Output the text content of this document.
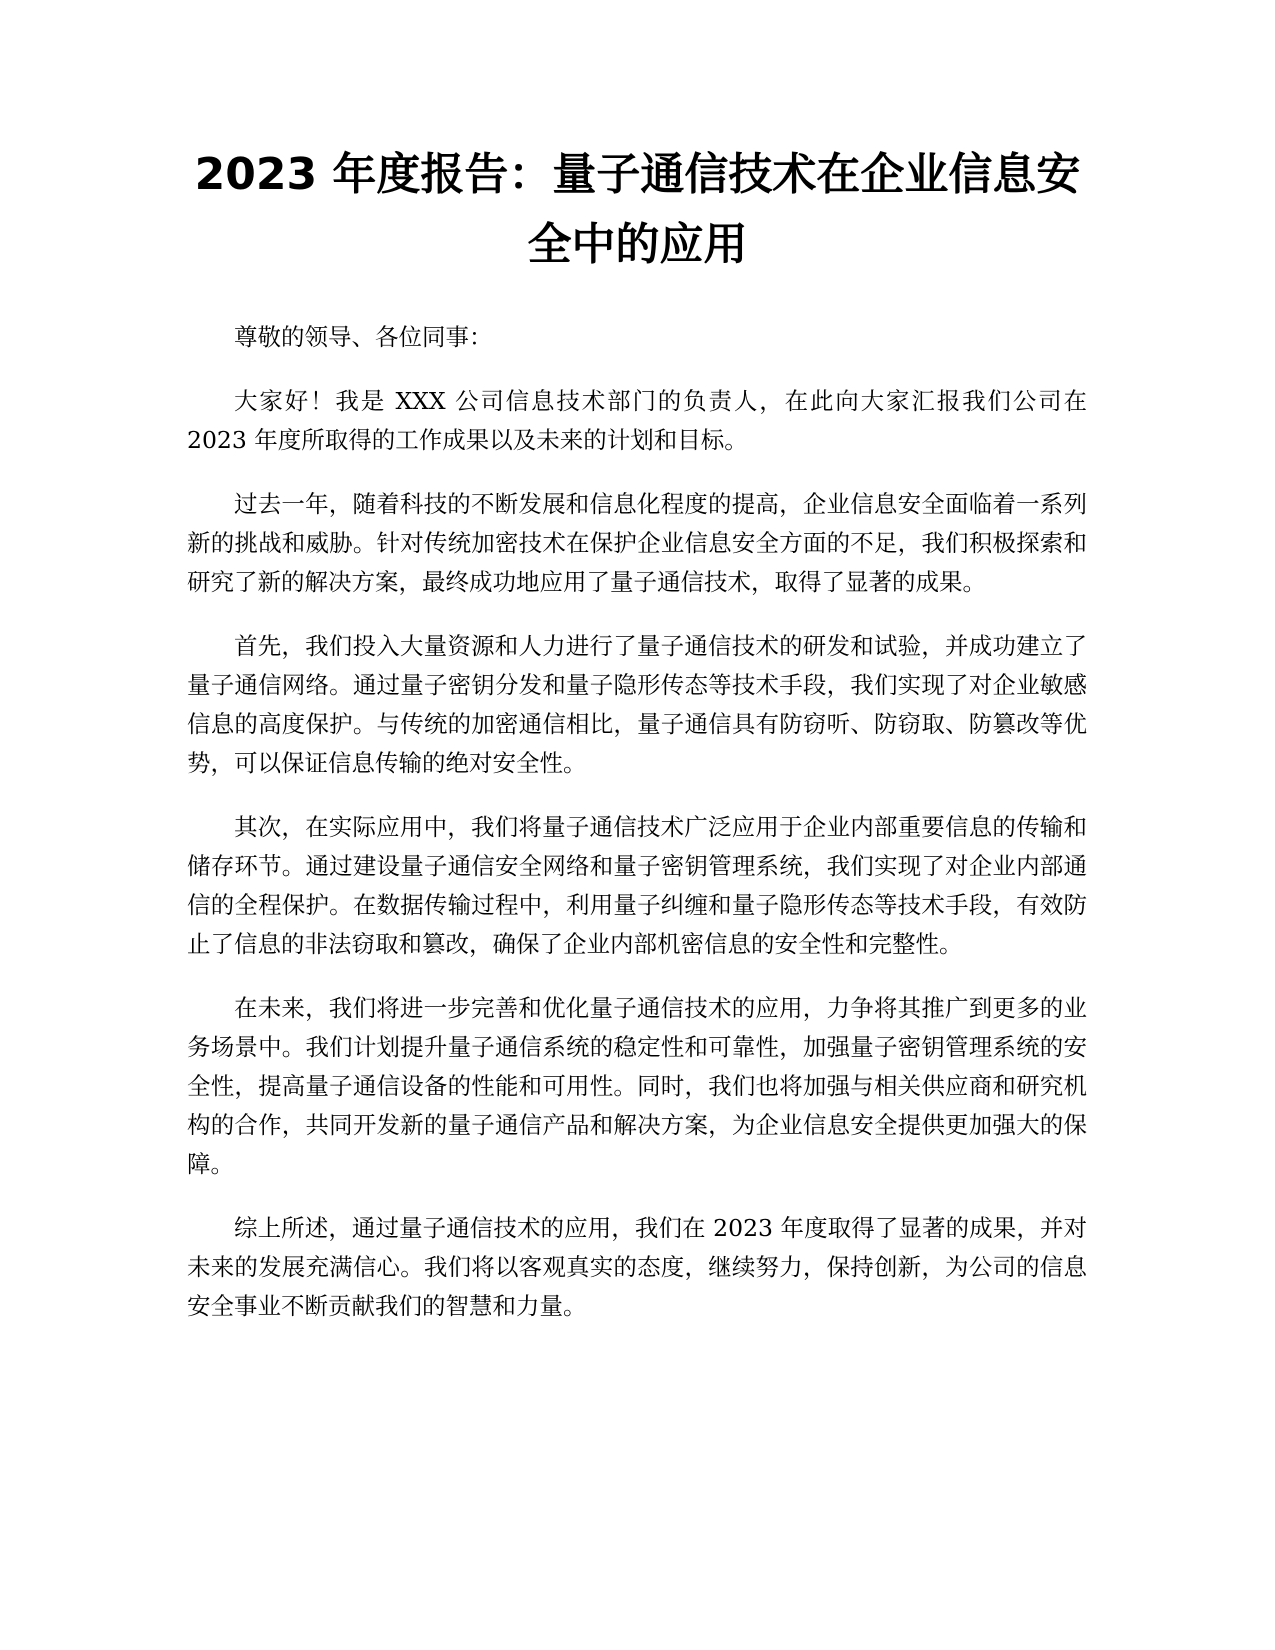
2023 年度报告：量子通信技术在企业信息安
全中的应用

尊敬的领导、各位同事：

大家好！我是 XXX 公司信息技术部门的负责人，在此向大家汇报我们公司在 2023 年度所取得的工作成果以及未来的计划和目标。

过去一年，随着科技的不断发展和信息化程度的提高，企业信息安全面临着一系列新的挑战和威胁。针对传统加密技术在保护企业信息安全方面的不足，我们积极探索和研究了新的解决方案，最终成功地应用了量子通信技术，取得了显著的成果。

首先，我们投入大量资源和人力进行了量子通信技术的研发和试验，并成功建立了量子通信网络。通过量子密钥分发和量子隐形传态等技术手段，我们实现了对企业敏感信息的高度保护。与传统的加密通信相比，量子通信具有防窃听、防窃取、防篡改等优势，可以保证信息传输的绝对安全性。

其次，在实际应用中，我们将量子通信技术广泛应用于企业内部重要信息的传输和储存环节。通过建设量子通信安全网络和量子密钥管理系统，我们实现了对企业内部通信的全程保护。在数据传输过程中，利用量子纠缠和量子隐形传态等技术手段，有效防止了信息的非法窃取和篡改，确保了企业内部机密信息的安全性和完整性。

在未来，我们将进一步完善和优化量子通信技术的应用，力争将其推广到更多的业务场景中。我们计划提升量子通信系统的稳定性和可靠性，加强量子密钥管理系统的安全性，提高量子通信设备的性能和可用性。同时，我们也将加强与相关供应商和研究机构的合作，共同开发新的量子通信产品和解决方案，为企业信息安全提供更加强大的保障。

综上所述，通过量子通信技术的应用，我们在 2023 年度取得了显著的成果，并对未来的发展充满信心。我们将以客观真实的态度，继续努力，保持创新，为公司的信息安全事业不断贡献我们的智慧和力量。
